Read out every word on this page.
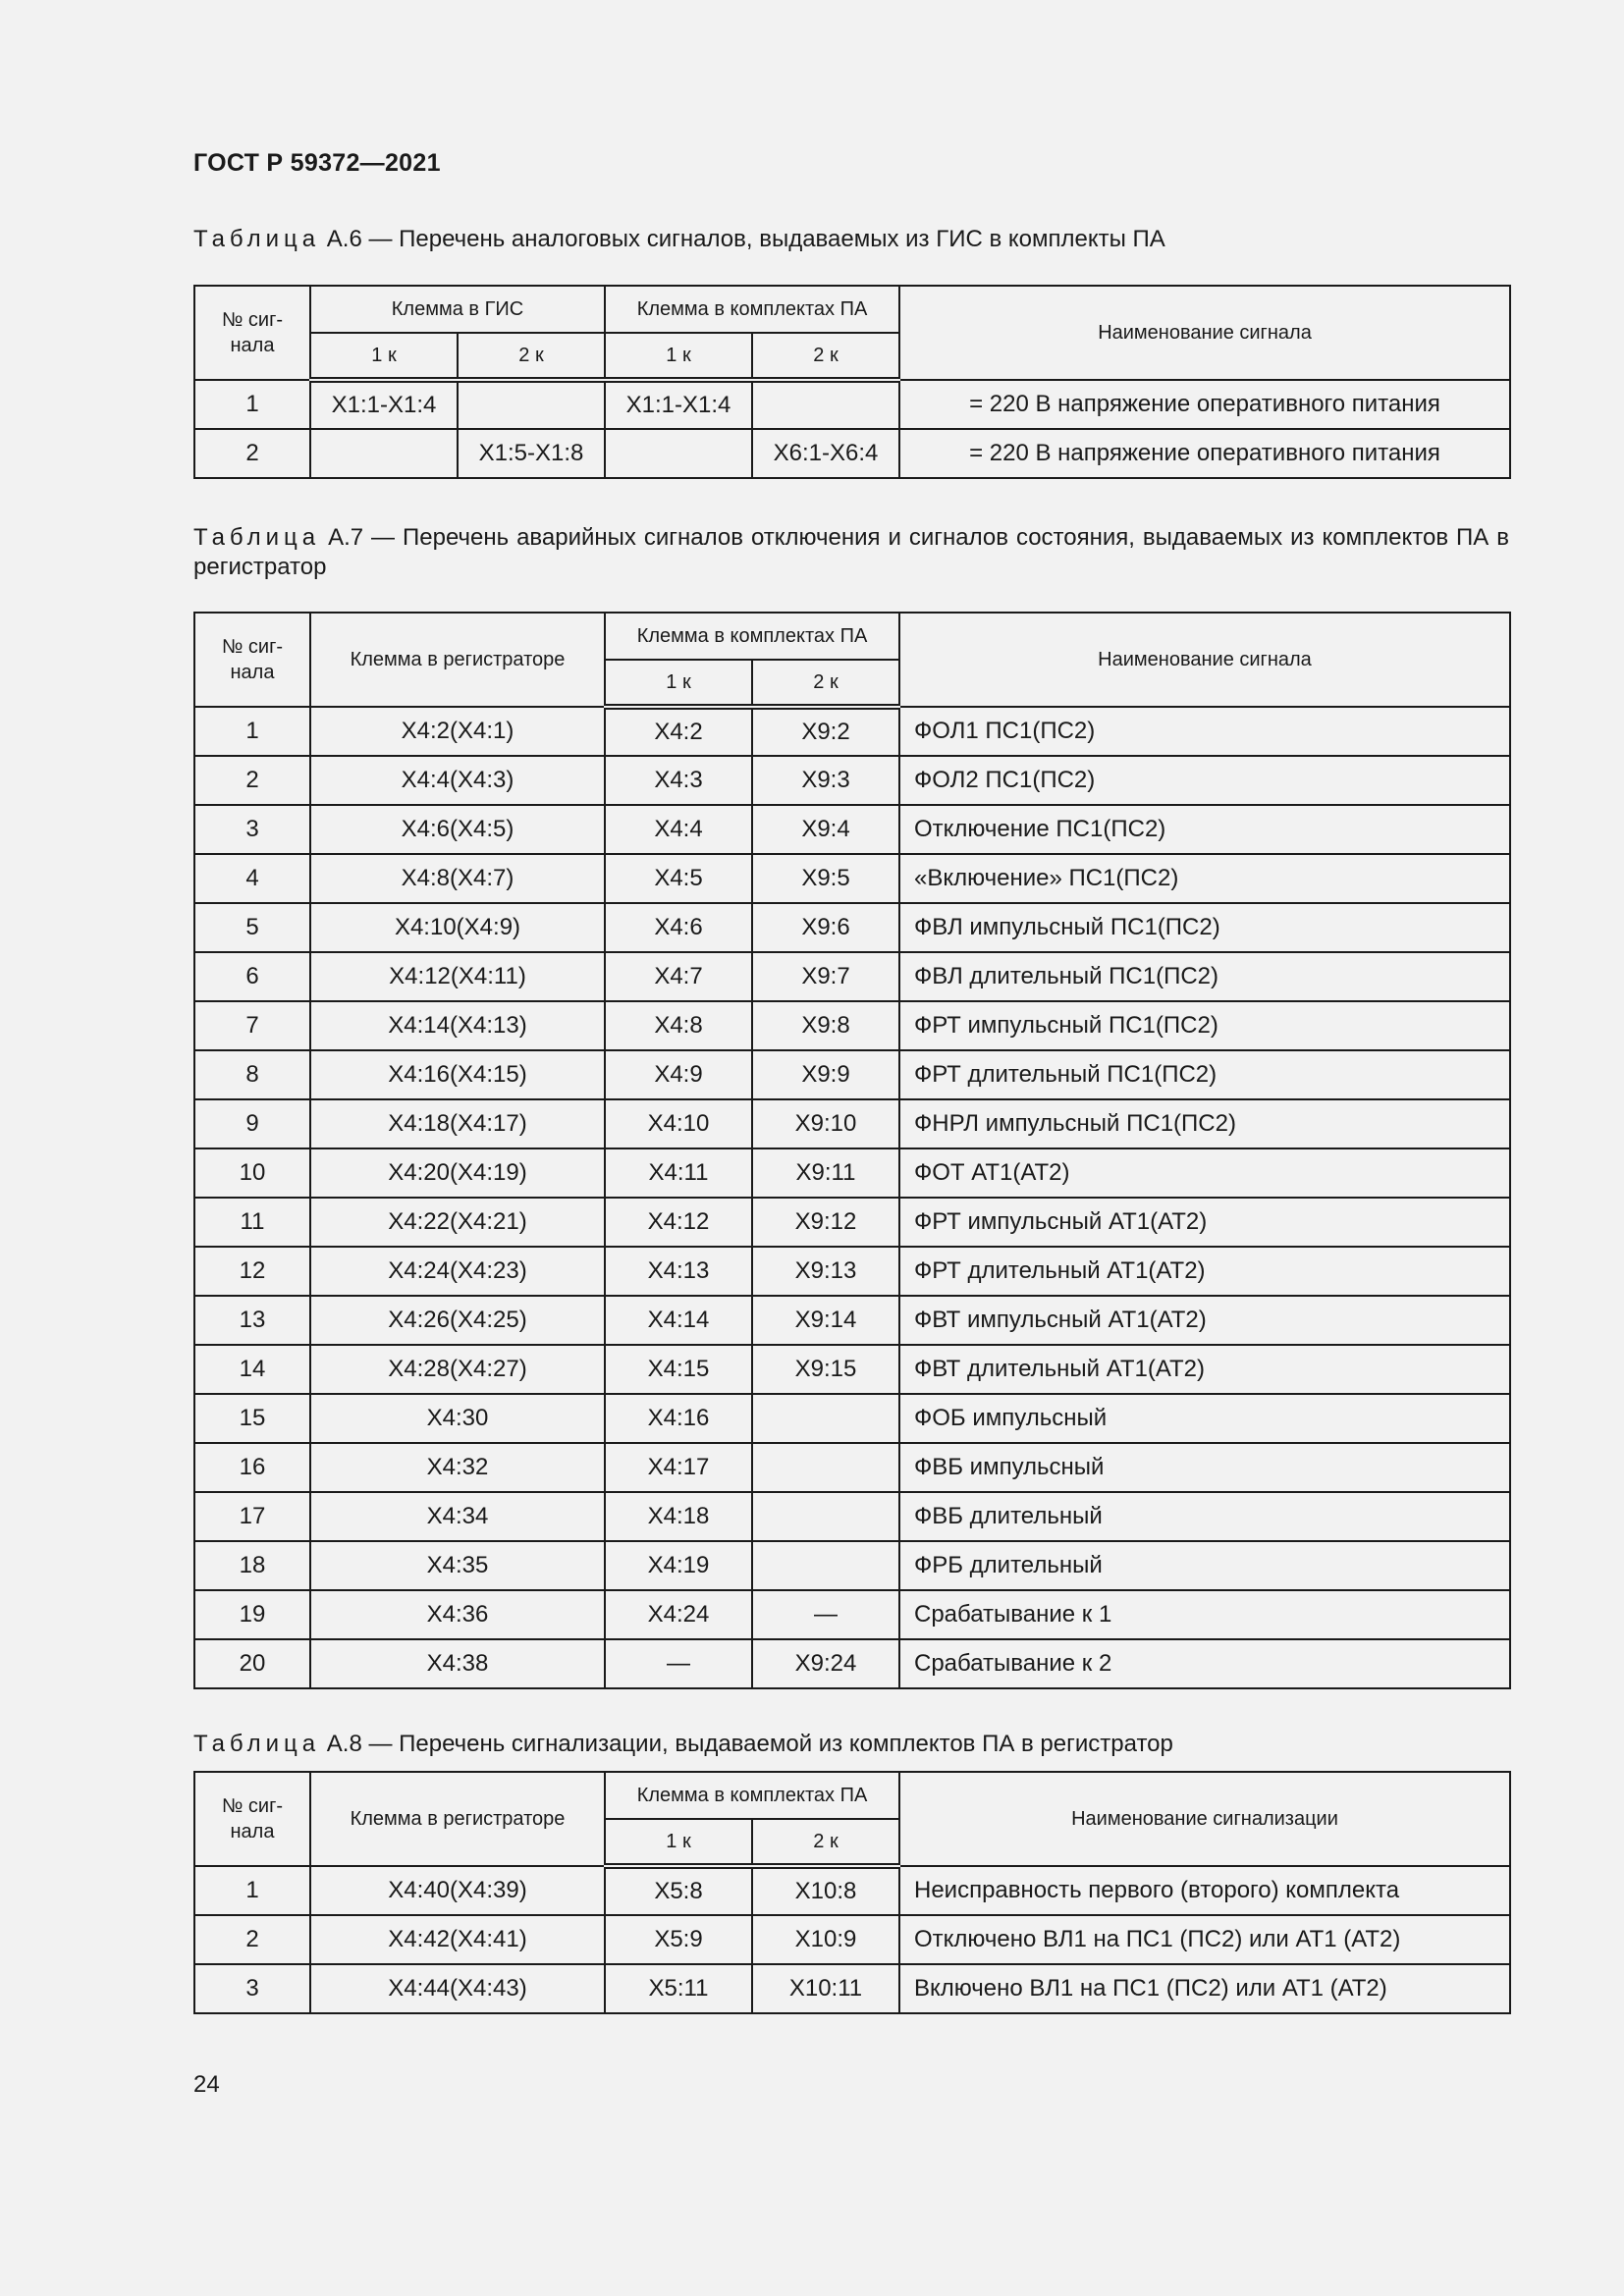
ГОСТ Р 59372—2021
Таблица А.6 — Перечень аналоговых сигналов, выдаваемых из ГИС в комплекты ПА
№ сиг- нала	Клемма в ГИС		Клемма в комплектах ПА		Наименование сигнала
	1 к	2 к	1 к	2 к	
1	X1:1-X1:4		X1:1-X1:4		= 220 В напряжение оперативного питания
2		X1:5-X1:8		X6:1-X6:4	= 220 В напряжение оперативного питания
Таблица А.7 — Перечень аварийных сигналов отключения и сигналов состояния, выдаваемых из комплектов ПА в регистратор
№ сиг- нала	Клемма в регистраторе	Клемма в комплектах ПА		Наименование сигнала
		1 к	2 к	
1	X4:2(X4:1)	X4:2	X9:2	ФОЛ1 ПС1(ПС2)
2	X4:4(X4:3)	X4:3	X9:3	ФОЛ2 ПС1(ПС2)
3	X4:6(X4:5)	X4:4	X9:4	Отключение ПС1(ПС2)
4	X4:8(X4:7)	X4:5	X9:5	«Включение» ПС1(ПС2)
5	X4:10(X4:9)	X4:6	X9:6	ФВЛ импульсный ПС1(ПС2)
6	X4:12(X4:11)	X4:7	X9:7	ФВЛ длительный ПС1(ПС2)
7	X4:14(X4:13)	X4:8	X9:8	ФРТ импульсный ПС1(ПС2)
8	X4:16(X4:15)	X4:9	X9:9	ФРТ длительный ПС1(ПС2)
9	X4:18(X4:17)	X4:10	X9:10	ФНРЛ импульсный ПС1(ПС2)
10	X4:20(X4:19)	X4:11	X9:11	ФОТ АТ1(АТ2)
11	X4:22(X4:21)	X4:12	X9:12	ФРТ импульсный АТ1(АТ2)
12	X4:24(X4:23)	X4:13	X9:13	ФРТ длительный АТ1(АТ2)
13	X4:26(X4:25)	X4:14	X9:14	ФВТ импульсный АТ1(АТ2)
14	X4:28(X4:27)	X4:15	X9:15	ФВТ длительный АТ1(АТ2)
15	X4:30	X4:16		ФОБ импульсный
16	X4:32	X4:17		ФВБ импульсный
17	X4:34	X4:18		ФВБ длительный
18	X4:35	X4:19		ФРБ длительный
19	X4:36	X4:24	—	Срабатывание к 1
20	X4:38	—	X9:24	Срабатывание к 2
Таблица А.8 — Перечень сигнализации, выдаваемой из комплектов ПА в регистратор
№ сиг- нала	Клемма в регистраторе	Клемма в комплектах ПА		Наименование сигнализации
		1 к	2 к	
1	X4:40(X4:39)	X5:8	X10:8	Неисправность первого (второго) комплекта
2	X4:42(X4:41)	X5:9	X10:9	Отключено ВЛ1 на ПС1 (ПС2) или АТ1 (АТ2)
3	X4:44(X4:43)	X5:11	X10:11	Включено ВЛ1 на ПС1 (ПС2) или АТ1 (АТ2)
24
